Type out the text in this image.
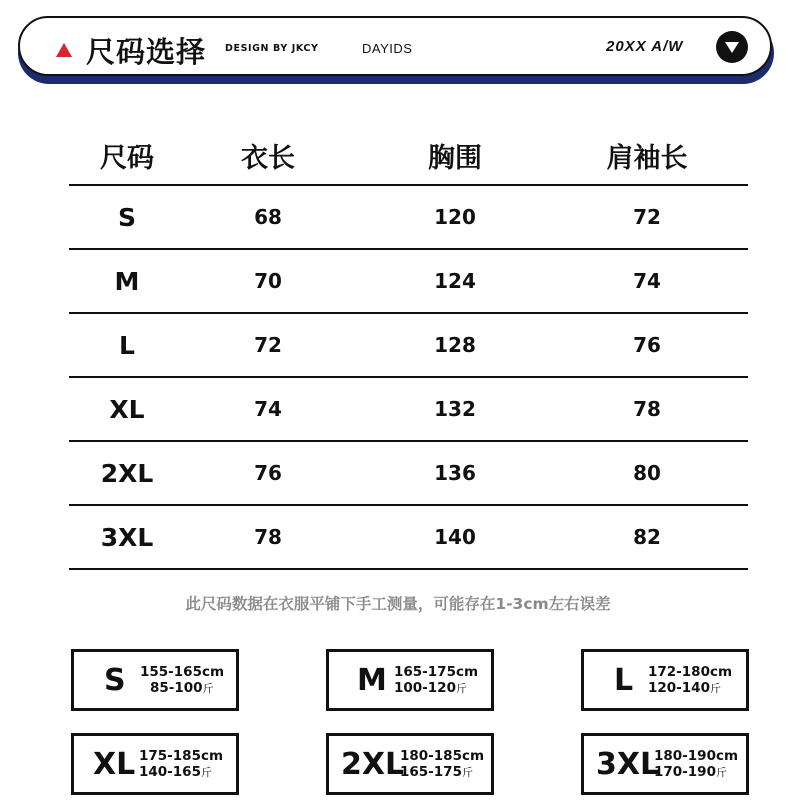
尺码选择 DESIGN BY JKCY	DAYIDS	20XX A/W
尺码	衣长	胸围	肩袖长
S	68	120	72
M	70	124	74
L	72	128	76
XL	74	132	78
2XL	76	136	80
3XL	78	140	82
此尺码数据在衣服平铺下手工测量，可能存在1-3cm左右误差
S 155-165cm
85-100斤	M 165-175cm
100-120斤	L 172-180cm
120-140斤
XL 175-185cm
140-165斤	2XL
180-185cm
165-175斤	3XL
180-190cm
170-190斤
